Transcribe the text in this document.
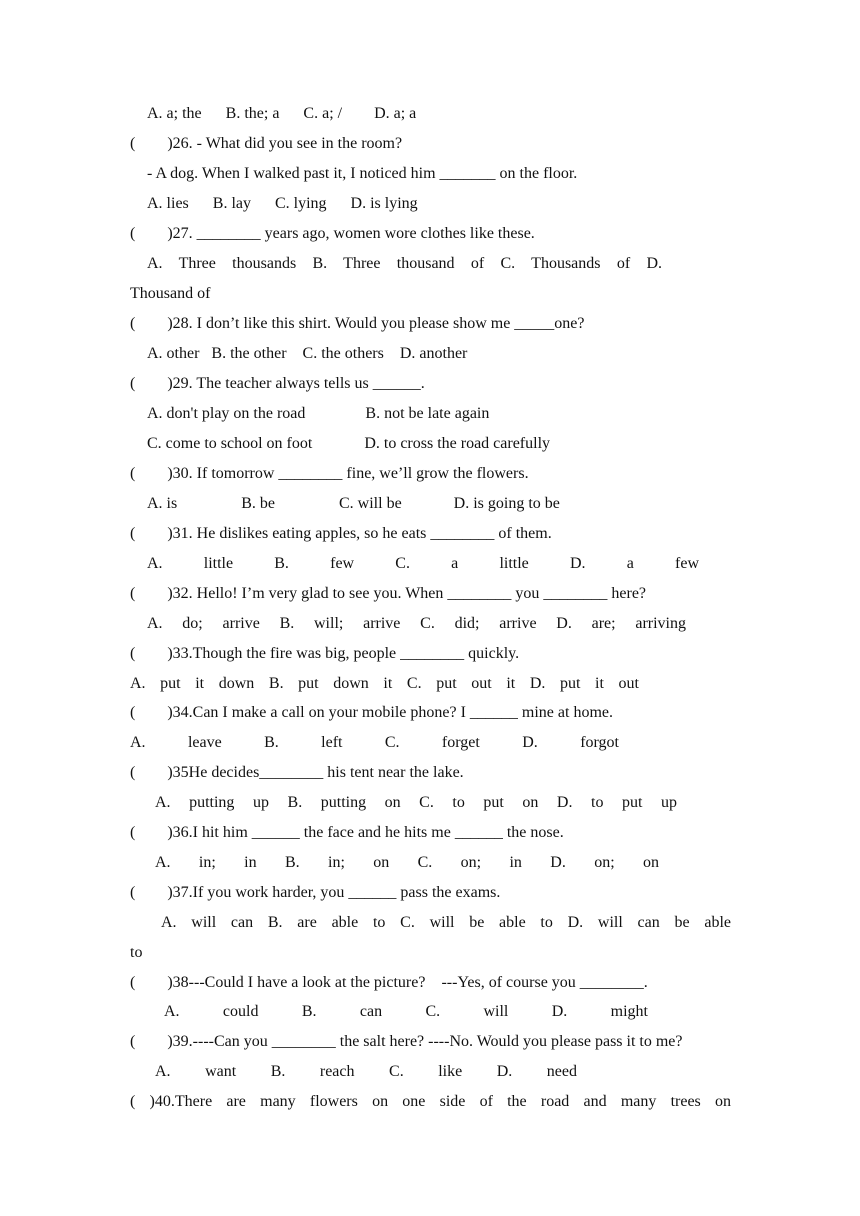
A. a; the      B. the; a      C. a; /        D. a; a
(        )26. - What did you see in the room?
- A dog. When I walked past it, I noticed him _______ on the floor.
A. lies      B. lay      C. lying      D. is lying
(        )27. ________ years ago, women wore clothes like these.
A. Three thousands B. Three thousand of C. Thousands of D.
Thousand of
(        )28. I don’t like this shirt. Would you please show me _____one?
A. other   B. the other    C. the others    D. another
(        )29. The teacher always tells us ______.
A. don't play on the road               B. not be late again
C. come to school on foot             D. to cross the road carefully
(        )30. If tomorrow ________ fine, we’ll grow the flowers.
A. is                B. be                C. will be             D. is going to be
(        )31. He dislikes eating apples, so he eats ________ of them.
A. little B. few C. a little D. a few
(        )32. Hello! I’m very glad to see you. When ________ you ________ here?
A. do; arrive B. will; arrive C. did; arrive D. are; arriving
(        )33.Though the fire was big, people ________ quickly.
A. put it down B. put down it C. put out it D. put it out
(        )34.Can I make a call on your mobile phone? I ______ mine at home.
A. leave B. left C. forget D. forgot
(        )35He decides________ his tent near the lake.
A. putting up B. putting on C. to put on D. to put up
(        )36.I hit him ______ the face and he hits me ______ the nose.
A. in; in B. in; on C. on; in D. on; on
(        )37.If you work harder, you ______ pass the exams.
A. will can B. are able to C. will be able to D. will can be able
to
(        )38---Could I have a look at the picture?    ---Yes, of course you ________.
A. could B. can C. will D. might
(        )39.----Can you ________ the salt here? ----No. Would you please pass it to me?
A. want B. reach C. like D. need
( )40.There are many flowers on one side of the road and many trees on
